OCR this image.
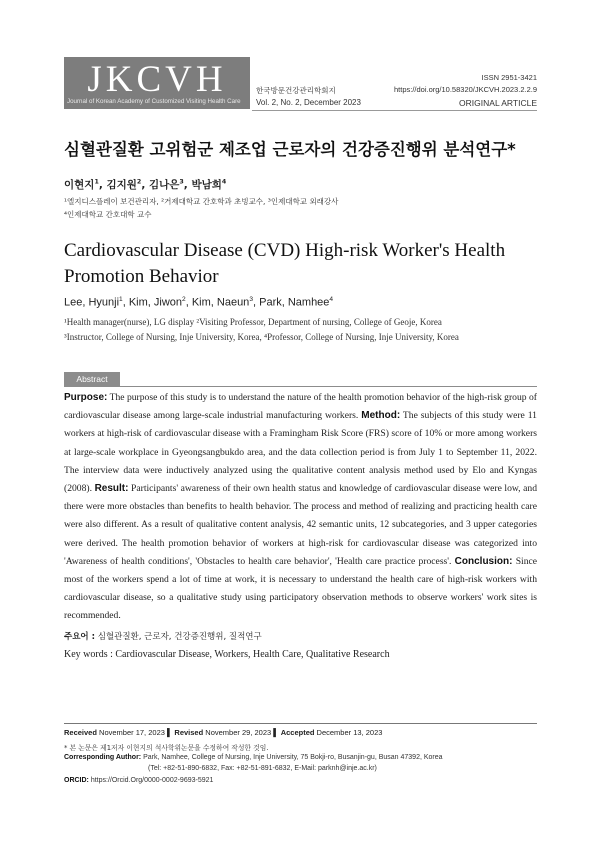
JKCVH
Journal of Korean Academy of Customized Visiting Health Care
한국방문건강관리학회지
Vol. 2, No. 2, December 2023
ISSN 2951-3421
https://doi.org/10.58320/JKCVH.2023.2.2.9
ORIGINAL ARTICLE
심혈관질환 고위험군 제조업 근로자의 건강증진행위 분석연구*
이현지$^1$, 김지원$^2$, 김나은$^3$, 박남희$^4$
¹엘지디스플레이 보건관리자, ²거제대학교 간호학과 초빙교수, ³인제대학교 외래강사
⁴인제대학교 간호대학 교수
Cardiovascular Disease (CVD) High-risk Worker's Health Promotion Behavior
Lee, Hyunji$^1$, Kim, Jiwon$^2$, Kim, Naeun$^3$, Park, Namhee$^4$
¹Health manager(nurse), LG display ²Visiting Professor, Department of nursing, College of Geoje, Korea
³Instructor, College of Nursing, Inje University, Korea, ⁴Professor, College of Nursing, Inje University, Korea
Abstract
Purpose: The purpose of this study is to understand the nature of the health promotion behavior of the high-risk group of cardiovascular disease among large-scale industrial manufacturing workers. Method: The subjects of this study were 11 workers at high-risk of cardiovascular disease with a Framingham Risk Score (FRS) score of 10% or more among workers at large-scale workplace in Gyeongsangbukdo area, and the data collection period is from July 1 to September 11, 2022. The interview data were inductively analyzed using the qualitative content analysis method used by Elo and Kyngas (2008). Result: Participants' awareness of their own health status and knowledge of cardiovascular disease were low, and there were more obstacles than benefits to health behavior. The process and method of realizing and practicing health care were also different. As a result of qualitative content analysis, 42 semantic units, 12 subcategories, and 3 upper categories were derived. The health promotion behavior of workers at high-risk for cardiovascular disease was categorized into 'Awareness of health conditions', 'Obstacles to health care behavior', 'Health care practice process'. Conclusion: Since most of the workers spend a lot of time at work, it is necessary to understand the health care of high-risk workers with cardiovascular disease, so a qualitative study using participatory observation methods to observe workers' work sites is recommended.
주요어 : 심혈관질환, 근로자, 건강증진행위, 질적연구
Key words : Cardiovascular Disease, Workers, Health Care, Qualitative Research
Received November 17, 2023 ▌ Revised November 29, 2023 ▌ Accepted December 13, 2023
* 본 논문은 제1저자 이현지의 석사학위논문을 수정하여 작성한 것임.
Corresponding Author: Park, Namhee, College of Nursing, Inje University, 75 Bokji-ro, Busanjin-gu, Busan 47392, Korea
(Tel: +82-51-890-6832, Fax: +82-51-891-6832, E-Mail: parknh@inje.ac.kr)
ORCID: https://Orcid.Org/0000-0002-9693-5921
